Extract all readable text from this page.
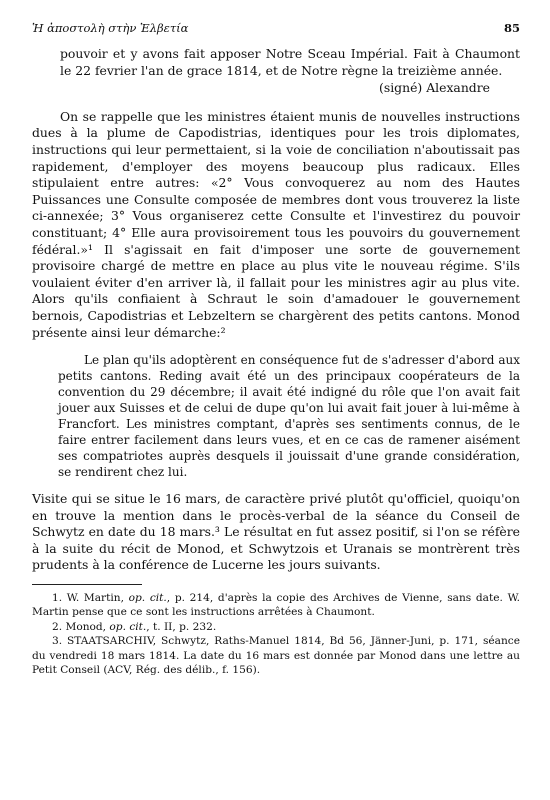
Ἡ ἀποστολὴ στὴν Ἑλβετία	85

pouvoir et y avons fait apposer Notre Sceau Impérial. Fait à Chaumont le 22 fevrier l'an de grace 1814, et de Notre règne la treizième année.

(signé) Alexandre

On se rappelle que les ministres étaient munis de nouvelles instructions dues à la plume de Capodistrias, identiques pour les trois diplomates, instructions qui leur permettaient, si la voie de conciliation n'aboutissait pas rapidement, d'employer des moyens beaucoup plus radicaux. Elles stipulaient entre autres: «2° Vous convoquerez au nom des Hautes Puissances une Consulte composée de membres dont vous trouverez la liste ci-annexée; 3° Vous organiserez cette Consulte et l'investirez du pouvoir constituant; 4° Elle aura provisoirement tous les pouvoirs du gouvernement fédéral.»¹ Il s'agissait en fait d'imposer une sorte de gouvernement provisoire chargé de mettre en place au plus vite le nouveau régime. S'ils voulaient éviter d'en arriver là, il fallait pour les ministres agir au plus vite. Alors qu'ils confiaient à Schraut le soin d'amadouer le gouvernement bernois, Capodistrias et Lebzeltern se chargèrent des petits cantons. Monod présente ainsi leur démarche:²

Le plan qu'ils adoptèrent en conséquence fut de s'adresser d'abord aux petits cantons. Reding avait été un des principaux coopérateurs de la convention du 29 décembre; il avait été indigné du rôle que l'on avait fait jouer aux Suisses et de celui de dupe qu'on lui avait fait jouer à lui-même à Francfort. Les ministres comptant, d'après ses sentiments connus, de le faire entrer facilement dans leurs vues, et en ce cas de ramener aisément ses compatriotes auprès desquels il jouissait d'une grande considération, se rendirent chez lui.

Visite qui se situe le 16 mars, de caractère privé plutôt qu'officiel, quoiqu'on en trouve la mention dans le procès-verbal de la séance du Conseil de Schwytz en date du 18 mars.³ Le résultat en fut assez positif, si l'on se réfère à la suite du récit de Monod, et Schwytzois et Uranais se montrèrent très prudents à la conférence de Lucerne les jours suivants.

1. W. Martin, op. cit., p. 214, d'après la copie des Archives de Vienne, sans date. W. Martin pense que ce sont les instructions arrêtées à Chaumont.

2. Monod, op. cit., t. II, p. 232.

3. STAATSARCHIV, Schwytz, Raths-Manuel 1814, Bd 56, Jänner-Juni, p. 171, séance du vendredi 18 mars 1814. La date du 16 mars est donnée par Monod dans une lettre au Petit Conseil (ACV, Rég. des délib., f. 156).
